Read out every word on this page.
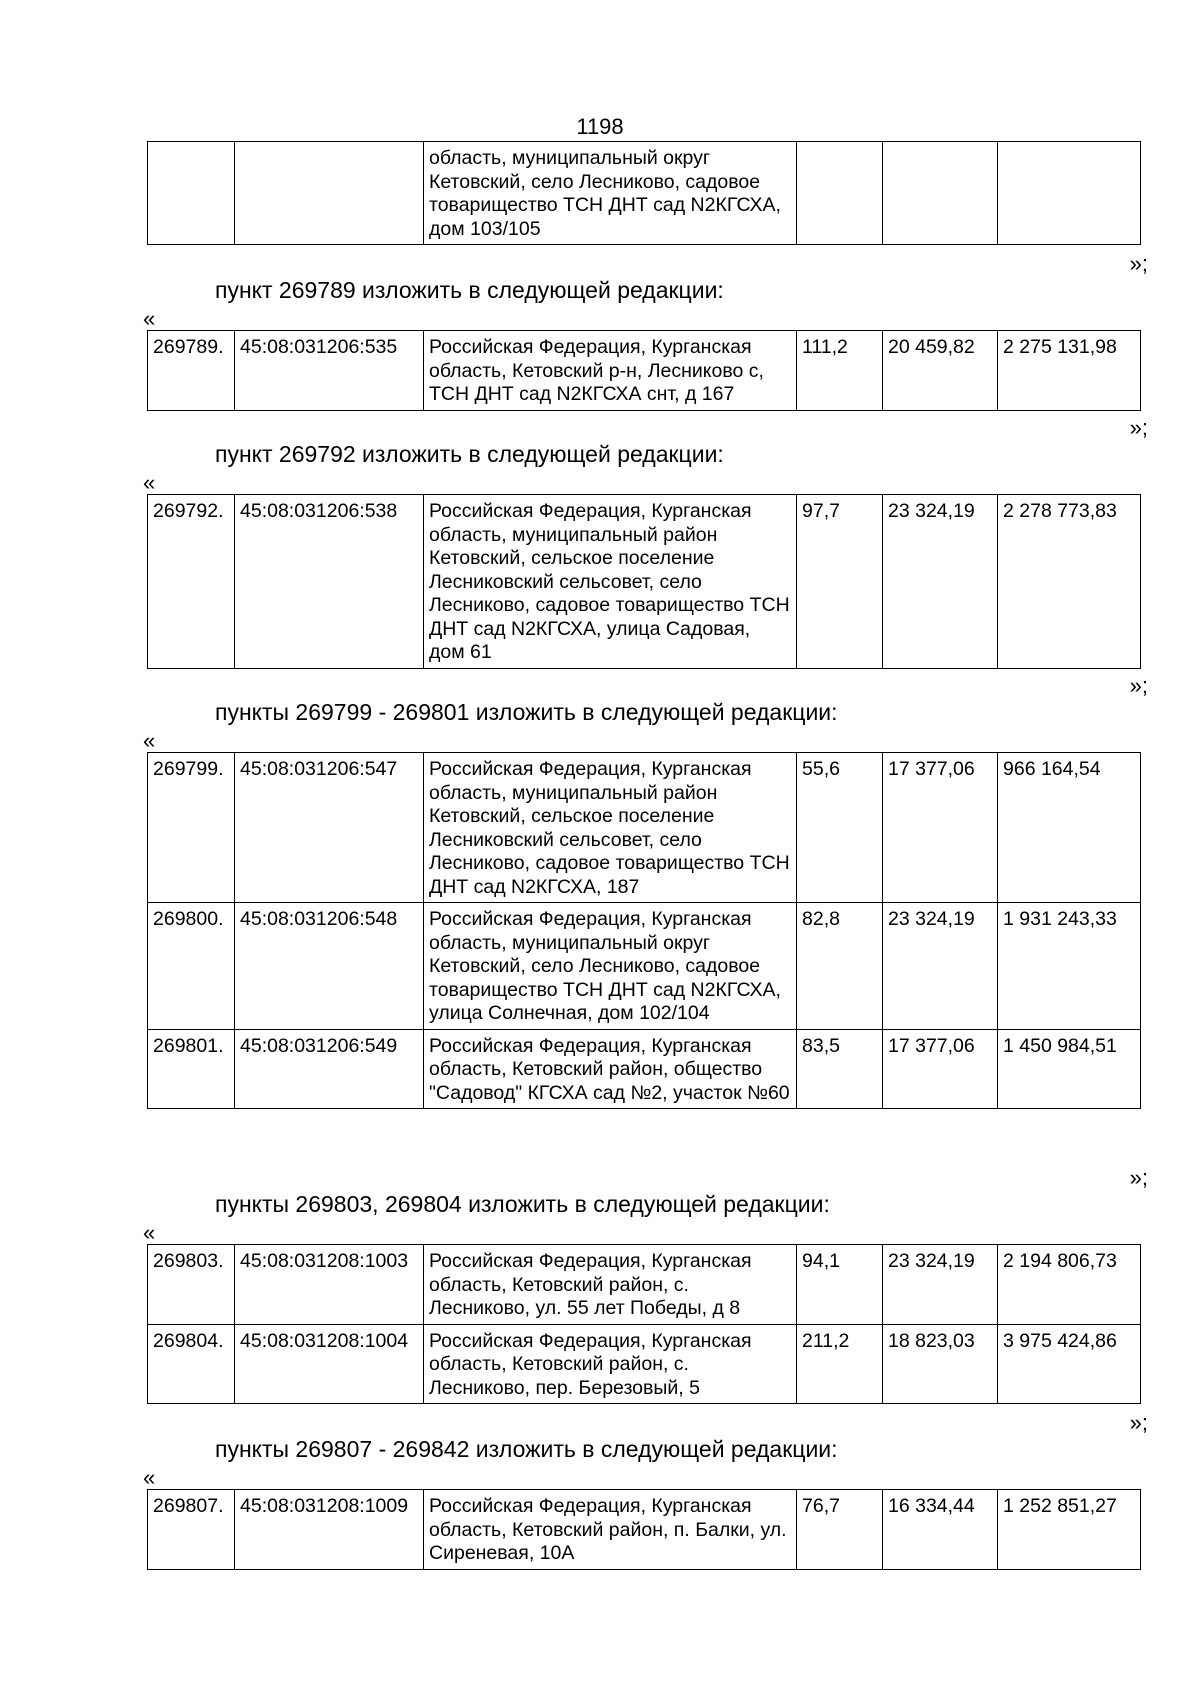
1198
		область, муниципальный округ Кетовский, село Лесниково, садовое товарищество ТСН ДНТ сад N2КГСХА, дом 103/105			
»;
пункт 269789 изложить в следующей редакции:
«
269789.	45:08:031206:535	Российская Федерация, Курганская область, Кетовский р-н, Лесниково с, ТСН ДНТ сад N2КГСХА снт, д 167	111,2	20 459,82	2 275 131,98
»;
пункт 269792 изложить в следующей редакции:
«
269792.	45:08:031206:538	Российская Федерация, Курганская область, муниципальный район Кетовский, сельское поселение Лесниковский сельсовет, село Лесниково, садовое товарищество ТСН ДНТ сад N2КГСХА, улица Садовая, дом 61	97,7	23 324,19	2 278 773,83
»;
пункты 269799 - 269801 изложить в следующей редакции:
«
269799.	45:08:031206:547	Российская Федерация, Курганская область, муниципальный район Кетовский, сельское поселение Лесниковский сельсовет, село Лесниково, садовое товарищество ТСН ДНТ сад N2КГСХА, 187	55,6	17 377,06	966 164,54
269800.	45:08:031206:548	Российская Федерация, Курганская область, муниципальный округ Кетовский, село Лесниково, садовое товарищество ТСН ДНТ сад N2КГСХА, улица Солнечная, дом 102/104	82,8	23 324,19	1 931 243,33
269801.	45:08:031206:549	Российская Федерация, Курганская область, Кетовский район, общество "Садовод" КГСХА сад №2, участок №60	83,5	17 377,06	1 450 984,51
»;
пункты 269803, 269804 изложить в следующей редакции:
«
269803.	45:08:031208:1003	Российская Федерация, Курганская область, Кетовский район, с. Лесниково, ул. 55 лет Победы, д 8	94,1	23 324,19	2 194 806,73
269804.	45:08:031208:1004	Российская Федерация, Курганская область, Кетовский район, с. Лесниково, пер. Березовый, 5	211,2	18 823,03	3 975 424,86
»;
пункты 269807 - 269842 изложить в следующей редакции:
«
269807.	45:08:031208:1009	Российская Федерация, Курганская область, Кетовский район, п. Балки, ул. Сиреневая, 10А	76,7	16 334,44	1 252 851,27
